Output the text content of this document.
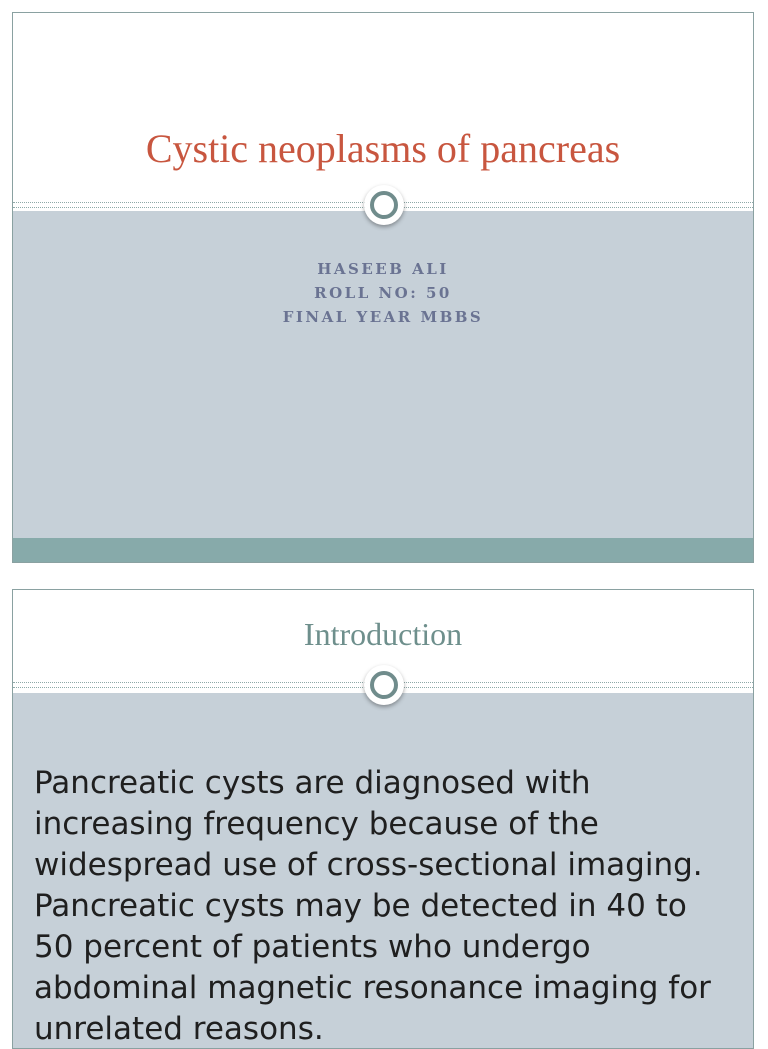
Cystic neoplasms of pancreas
HASEEB ALI
ROLL NO: 50
FINAL YEAR MBBS
Introduction
Pancreatic cysts are diagnosed with increasing frequency because of the widespread use of cross-sectional imaging. Pancreatic cysts may be detected in 40 to 50 percent of patients who undergo abdominal magnetic resonance imaging for unrelated reasons.
